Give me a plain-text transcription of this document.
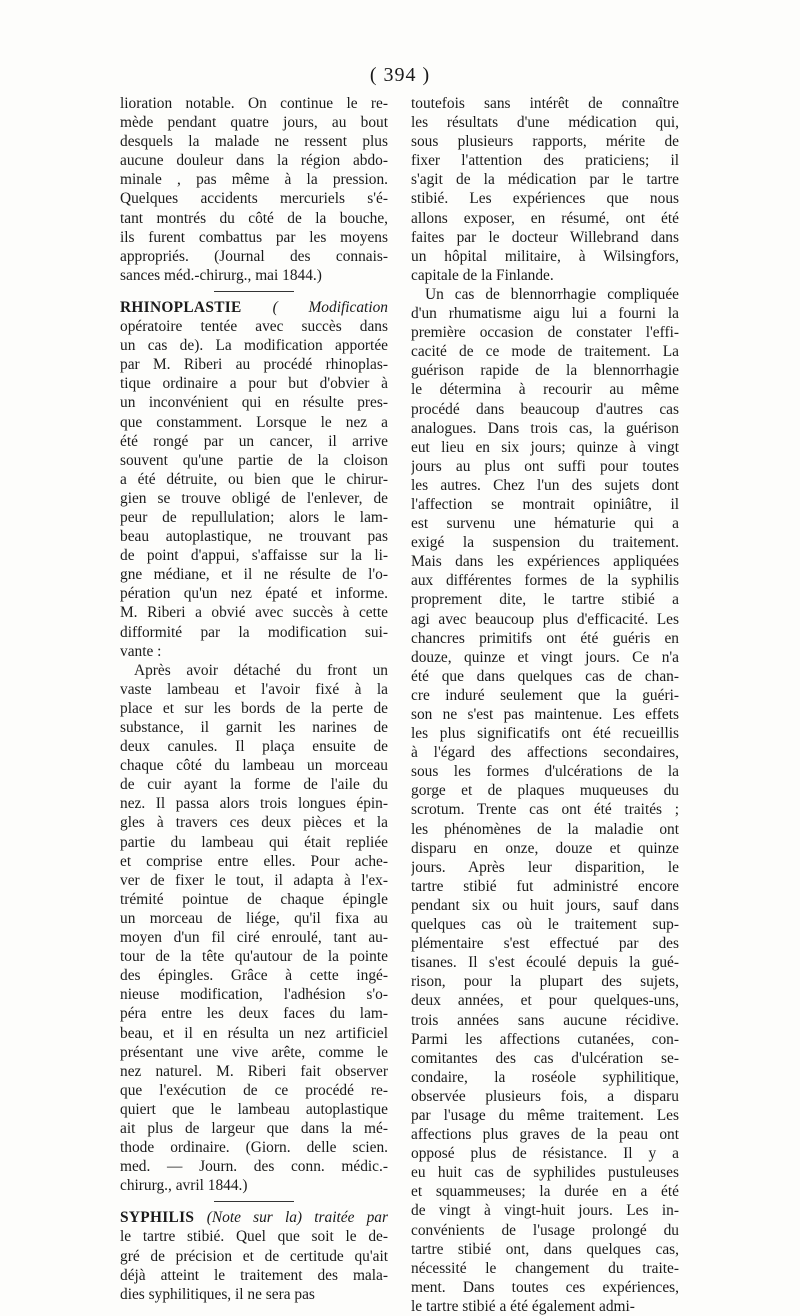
( 394 )
lioration notable. On continue le re-
mède pendant quatre jours, au bout
desquels la malade ne ressent plus
aucune douleur dans la région abdo-
minale , pas même à la pression.
Quelques accidents mercuriels s'é-
tant montrés du côté de la bouche,
ils furent combattus par les moyens
appropriés. (Journal des connais-
sances méd.-chirurg., mai 1844.)
RHINOPLASTIE ( Modification
opératoire tentée avec succès dans
un cas de). La modification apportée
par M. Riberi au procédé rhinoplas-
tique ordinaire a pour but d'obvier à
un inconvénient qui en résulte pres-
que constamment. Lorsque le nez a
été rongé par un cancer, il arrive
souvent qu'une partie de la cloison
a été détruite, ou bien que le chirur-
gien se trouve obligé de l'enlever, de
peur de repullulation; alors le lam-
beau autoplastique, ne trouvant pas
de point d'appui, s'affaisse sur la li-
gne médiane, et il ne résulte de l'o-
pération qu'un nez épaté et informe.
M. Riberi a obvié avec succès à cette
difformité par la modification sui-
vante :
Après avoir détaché du front un
vaste lambeau et l'avoir fixé à la
place et sur les bords de la perte de
substance, il garnit les narines de
deux canules. Il plaça ensuite de
chaque côté du lambeau un morceau
de cuir ayant la forme de l'aile du
nez. Il passa alors trois longues épin-
gles à travers ces deux pièces et la
partie du lambeau qui était repliée
et comprise entre elles. Pour ache-
ver de fixer le tout, il adapta à l'ex-
trémité pointue de chaque épingle
un morceau de liége, qu'il fixa au
moyen d'un fil ciré enroulé, tant au-
tour de la tête qu'autour de la pointe
des épingles. Grâce à cette ingé-
nieuse modification, l'adhésion s'o-
péra entre les deux faces du lam-
beau, et il en résulta un nez artificiel
présentant une vive arête, comme le
nez naturel. M. Riberi fait observer
que l'exécution de ce procédé re-
quiert que le lambeau autoplastique
ait plus de largeur que dans la mé-
thode ordinaire. (Giorn. delle scien.
med. — Journ. des conn. médic.-
chirurg., avril 1844.)
SYPHILIS (Note sur la) traitée par
le tartre stibié. Quel que soit le de-
gré de précision et de certitude qu'ait
déjà atteint le traitement des mala-
dies syphilitiques, il ne sera pas
toutefois sans intérêt de connaître
les résultats d'une médication qui,
sous plusieurs rapports, mérite de
fixer l'attention des praticiens; il
s'agit de la médication par le tartre
stibié. Les expériences que nous
allons exposer, en résumé, ont été
faites par le docteur Willebrand dans
un hôpital militaire, à Wilsingfors,
capitale de la Finlande.
Un cas de blennorrhagie compliquée
d'un rhumatisme aigu lui a fourni la
première occasion de constater l'effi-
cacité de ce mode de traitement. La
guérison rapide de la blennorrhagie
le détermina à recourir au même
procédé dans beaucoup d'autres cas
analogues. Dans trois cas, la guérison
eut lieu en six jours; quinze à vingt
jours au plus ont suffi pour toutes
les autres. Chez l'un des sujets dont
l'affection se montrait opiniâtre, il
est survenu une hématurie qui a
exigé la suspension du traitement.
Mais dans les expériences appliquées
aux différentes formes de la syphilis
proprement dite, le tartre stibié a
agi avec beaucoup plus d'efficacité. Les
chancres primitifs ont été guéris en
douze, quinze et vingt jours. Ce n'a
été que dans quelques cas de chan-
cre induré seulement que la guéri-
son ne s'est pas maintenue. Les effets
les plus significatifs ont été recueillis
à l'égard des affections secondaires,
sous les formes d'ulcérations de la
gorge et de plaques muqueuses du
scrotum. Trente cas ont été traités ;
les phénomènes de la maladie ont
disparu en onze, douze et quinze
jours. Après leur disparition, le
tartre stibié fut administré encore
pendant six ou huit jours, sauf dans
quelques cas où le traitement sup-
plémentaire s'est effectué par des
tisanes. Il s'est écoulé depuis la gué-
rison, pour la plupart des sujets,
deux années, et pour quelques-uns,
trois années sans aucune récidive.
Parmi les affections cutanées, con-
comitantes des cas d'ulcération se-
condaire, la roséole syphilitique,
observée plusieurs fois, a disparu
par l'usage du même traitement. Les
affections plus graves de la peau ont
opposé plus de résistance. Il y a
eu huit cas de syphilides pustuleuses
et squammeuses; la durée en a été
de vingt à vingt-huit jours. Les in-
convénients de l'usage prolongé du
tartre stibié ont, dans quelques cas,
nécessité le changement du traite-
ment. Dans toutes ces expériences,
le tartre stibié a été également admi-
